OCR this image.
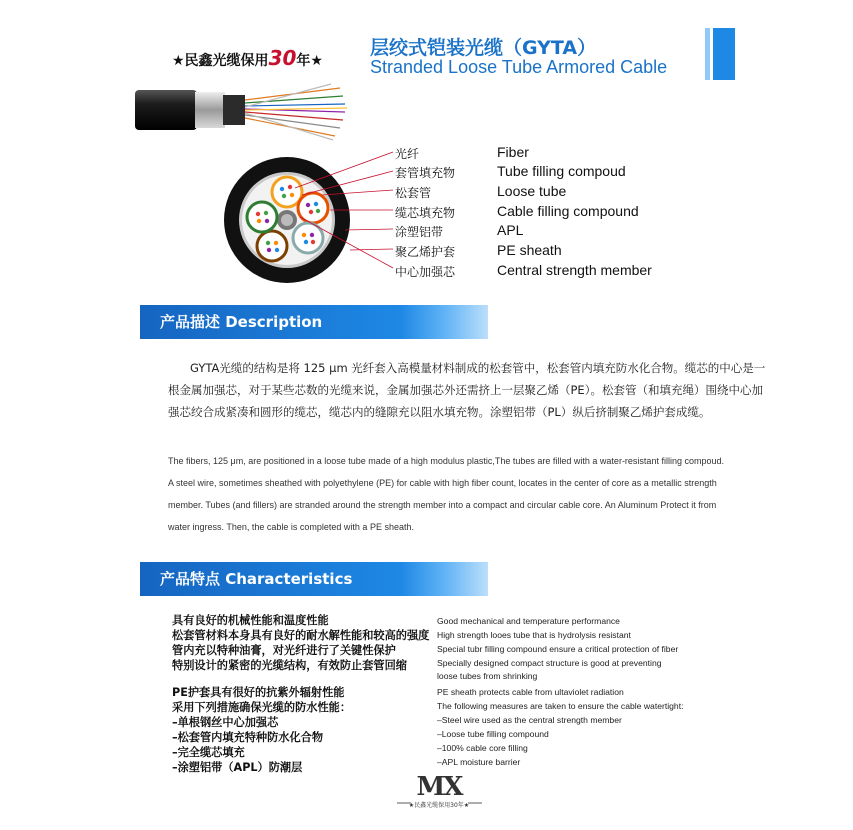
★民鑫光缆保用30年★
层绞式铠装光缆（GYTA）
Stranded Loose Tube Armored Cable
光纤	Fiber
套管填充物	Tube filling compoud
松套管	Loose tube
缆芯填充物	Cable filling compound
涂塑铝带	APL
聚乙烯护套	PE sheath
中心加强芯	Central strength member
产品描述 Description
GYTA光缆的结构是将 125 μm 光纤套入高模量材料制成的松套管中，松套管内填充防水化合物。缆芯的中心是一根金属加强芯，对于某些芯数的光缆来说，金属加强芯外还需挤上一层聚乙烯（PE）。松套管（和填充绳）围绕中心加强芯绞合成紧凑和圆形的缆芯，缆芯内的缝隙充以阻水填充物。涂塑铝带（PL）纵后挤制聚乙烯护套成缆。
The fibers, 125 μm, are positioned in a loose tube made of a high modulus plastic,The tubes are filled with a water-resistant filling compoud. A steel wire, sometimes sheathed with polyethylene (PE) for cable with high fiber count, locates in the center of core as a metallic strength member. Tubes (and fillers) are stranded around the strength member into a compact and circular cable core. An Aluminum Protect it from water ingress. Then, the cable is completed with a PE sheath.
产品特点 Characteristics
具有良好的机械性能和温度性能
松套管材料本身具有良好的耐水解性能和较高的强度
管内充以特种油膏，对光纤进行了关键性保护
特别设计的紧密的光缆结构，有效防止套管回缩
PE护套具有很好的抗紫外辐射性能
采用下列措施确保光缆的防水性能：
–单根钢丝中心加强芯
–松套管内填充特种防水化合物
–完全缆芯填充
–涂塑铝带（APL）防潮层
Good mechanical and temperature performance
High strength looes tube that is hydrolysis resistant
Special tubr filling compound ensure a critical protection of fiber
Specially designed compact structure is good at preventing
loose tubes from shrinking
PE sheath protects cable from ultaviolet radiation
The following measures are taken to ensure the cable watertight:
–Steel wire used as the central strength member
–Loose tube filling compound
–100% cable core filling
–APL moisture barrier
MX
★民鑫光缆保用30年★
